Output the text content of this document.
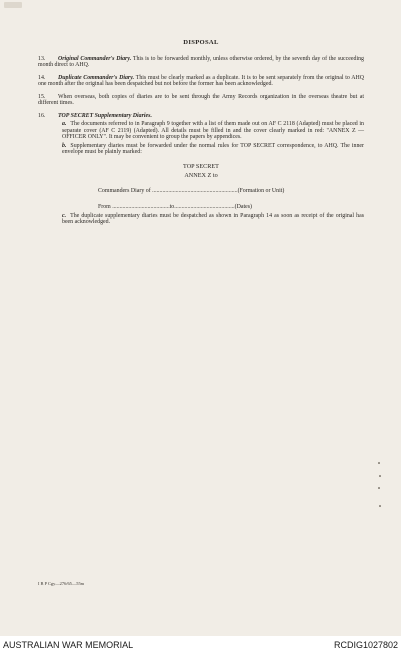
DISPOSAL

13. Original Commander's Diary. This is to be forwarded monthly, unless otherwise ordered, by the seventh day of the succeeding month direct to AHQ.

14. Duplicate Commander's Diary. This must be clearly marked as a duplicate. It is to be sent separately from the original to AHQ one month after the original has been despatched but not before the former has been acknowledged.

15. When overseas, both copies of diaries are to be sent through the Army Records organization in the overseas theatre but at different times.

16. TOP SECRET Supplementary Diaries.

a. The documents referred to in Paragraph 9 together with a list of them made out on AF C 2118 (Adapted) must be placed in separate cover (AF C 2119) (Adapted). All details must be filled in and the cover clearly marked in red: "ANNEX Z — OFFICER ONLY". It may be convenient to group the papers by appendices.

b. Supplementary diaries must be forwarded under the normal rules for TOP SECRET correspondence, to AHQ. The inner envelope must be plainly marked:

TOP SECRET
ANNEX Z to
Commanders Diary of ..........................................................(Formation or Unit)
From .......................................to.........................................(Dates)

c. The duplicate supplementary diaries must be despatched as shown in Paragraph 14 as soon as receipt of the original has been acknowledged.

I B P Cgy—276/65—55m
AUSTRALIAN WAR MEMORIAL	RCDIG1027802
